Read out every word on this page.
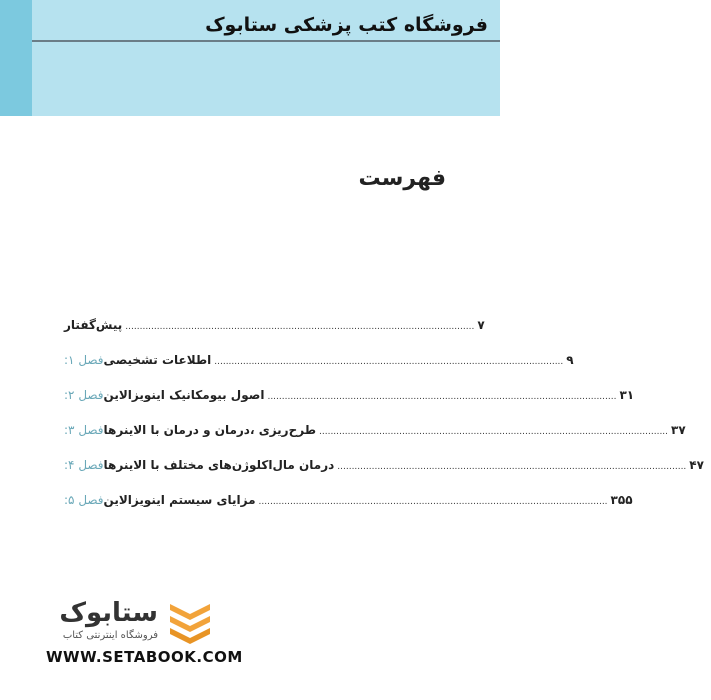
فروشگاه کتب پزشکی ستابوک
فهرست
پیش‌گفتار .......................................................................................................................... ۷
فصل ۱: اطلاعات تشخیصی .......................................................................................................................... ۹
فصل ۲: اصول بیومکانیک اینویزالاین .......................................................................................................................... ۳۱
فصل ۳: طرح‌ریزی ،درمان و درمان با الاینرها .......................................................................................................................... ۳۷
فصل ۴: درمان مال‌اکلوژن‌های مختلف با الاینرها .......................................................................................................................... ۴۷
فصل ۵: مزایای سیستم اینویزالاین .......................................................................................................................... ۳۵۵
ستابوک
فروشگاه اینترنتی کتاب
WWW.SETABOOK.COM
